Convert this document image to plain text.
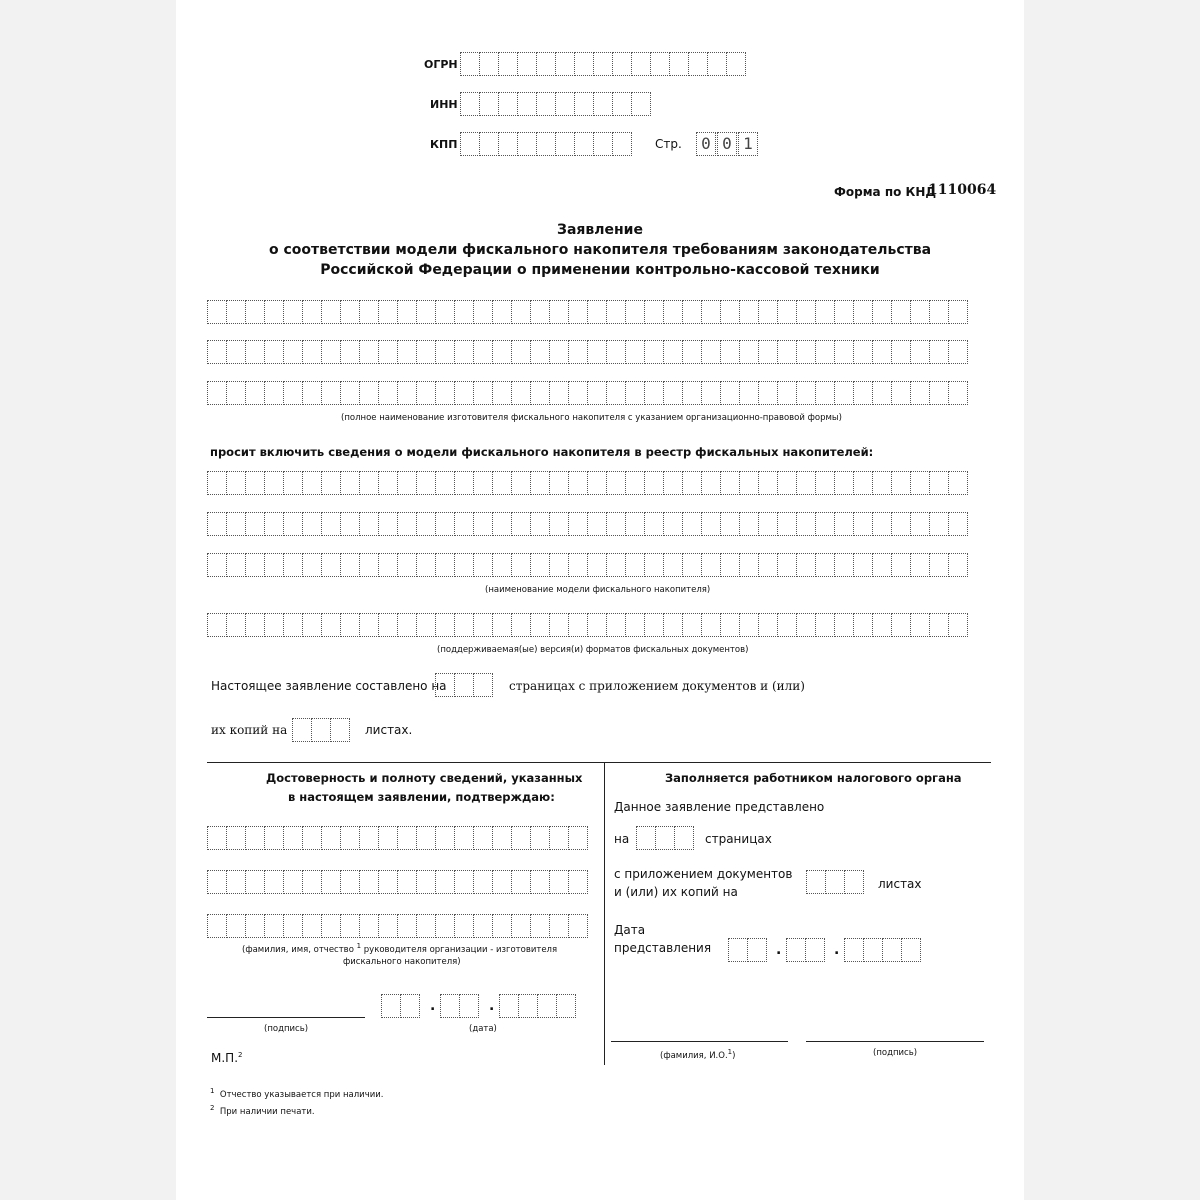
ОГРН
ИНН
КПП	Стр.	0 0 1
Форма по КНД
1110064
Заявление
о соответствии модели фискального накопителя требованиям законодательства
Российской Федерации о применении контрольно-кассовой техники
(полное наименование изготовителя фискального накопителя с указанием организационно-правовой формы)
просит включить сведения о модели фискального накопителя в реестр фискальных накопителей:
(наименование модели фискального накопителя)
(поддерживаемая(ые) версия(и) форматов фискальных документов)
Настоящее заявление составлено на	страницах с приложением документов и (или)
их копий на	листах.
Достоверность и полноту сведений, указанных
в настоящем заявлении, подтверждаю:
(фамилия, имя, отчество $^1$ руководителя организации - изготовителя
фискального накопителя)
(подпись)
.	.
(дата)
М.П.$^2$
Заполняется работником налогового органа
Данное заявление представлено
на	страницах
с приложением документов
и (или) их копий на
листах
Дата
представления	.	.
(фамилия, И.О.$^1$)	(подпись)
$^1$ Отчество указывается при наличии.
$^2$ При наличии печати.
